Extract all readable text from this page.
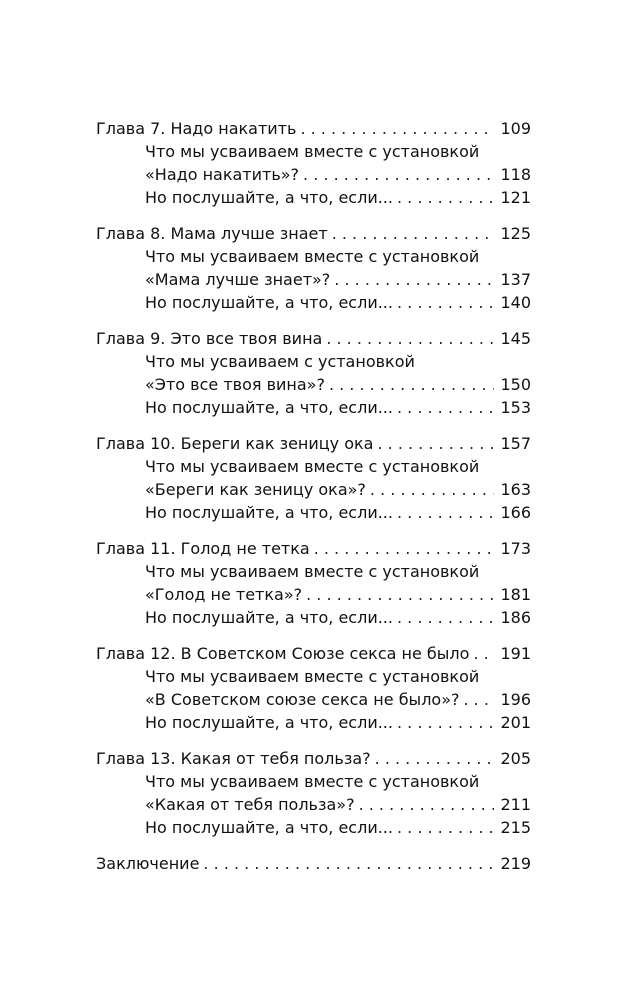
Глава 7. Надо накатить . . .	109
Что мы усваиваем вместе с установкой
«Надо накатить»? . . .	118
Но послушайте, а что, если... . . .	121
Глава 8. Мама лучше знает . . .	125
Что мы усваиваем вместе с установкой
«Мама лучше знает»? . . .	137
Но послушайте, а что, если... . . .	140
Глава 9. Это все твоя вина . . .	145
Что мы усваиваем с установкой
«Это все твоя вина»? . . .	150
Но послушайте, а что, если... . . .	153
Глава 10. Береги как зеницу ока . . .	157
Что мы усваиваем вместе с установкой
«Береги как зеницу ока»? . . .	163
Но послушайте, а что, если... . . .	166
Глава 11. Голод не тетка . . .	173
Что мы усваиваем вместе с установкой
«Голод не тетка»? . . .	181
Но послушайте, а что, если... . . .	186
Глава 12. В Советском Союзе секса не было . . . 191
Что мы усваиваем вместе с установкой
«В Советском союзе секса не было»? . . .	196
Но послушайте, а что, если... . . .	201
Глава 13. Какая от тебя польза? . . .	205
Что мы усваиваем вместе с установкой
«Какая от тебя польза»? . . .	211
Но послушайте, а что, если... . . .	215
Заключение . . .	219
